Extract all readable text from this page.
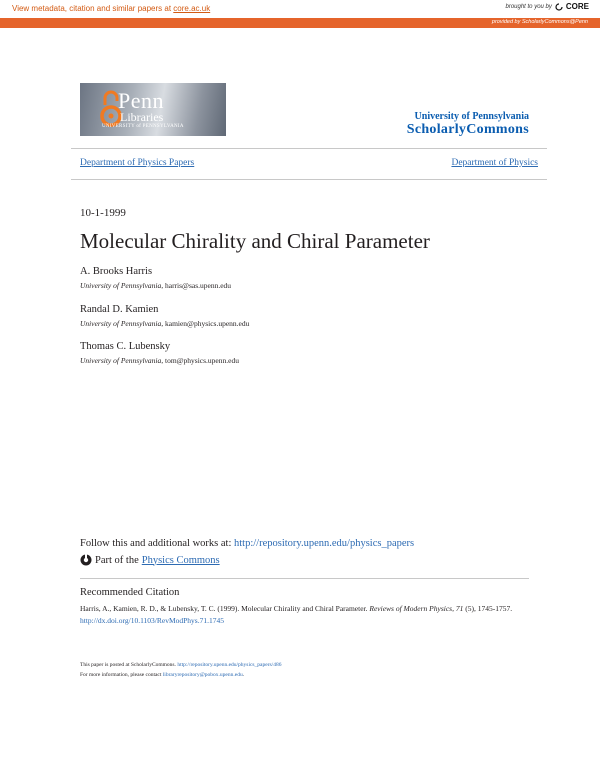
View metadata, citation and similar papers at core.ac.uk	brought to you by CORE
provided by ScholarlyCommons@Penn
Penn
Libraries
UNIVERSITY of PENNSYLVANIA
University of Pennsylvania
ScholarlyCommons
Department of Physics Papers	Department of Physics
10-1-1999
Molecular Chirality and Chiral Parameter
A. Brooks Harris
University of Pennsylvania, harris@sas.upenn.edu
Randal D. Kamien
University of Pennsylvania, kamien@physics.upenn.edu
Thomas C. Lubensky
University of Pennsylvania, tom@physics.upenn.edu
Follow this and additional works at: http://repository.upenn.edu/physics_papers
Part of the Physics Commons
Recommended Citation
Harris, A., Kamien, R. D., & Lubensky, T. C. (1999). Molecular Chirality and Chiral Parameter. Reviews of Modern Physics, 71 (5), 1745-1757. http://dx.doi.org/10.1103/RevModPhys.71.1745
This paper is posted at ScholarlyCommons. http://repository.upenn.edu/physics_papers/486
For more information, please contact libraryrepository@pobox.upenn.edu.
